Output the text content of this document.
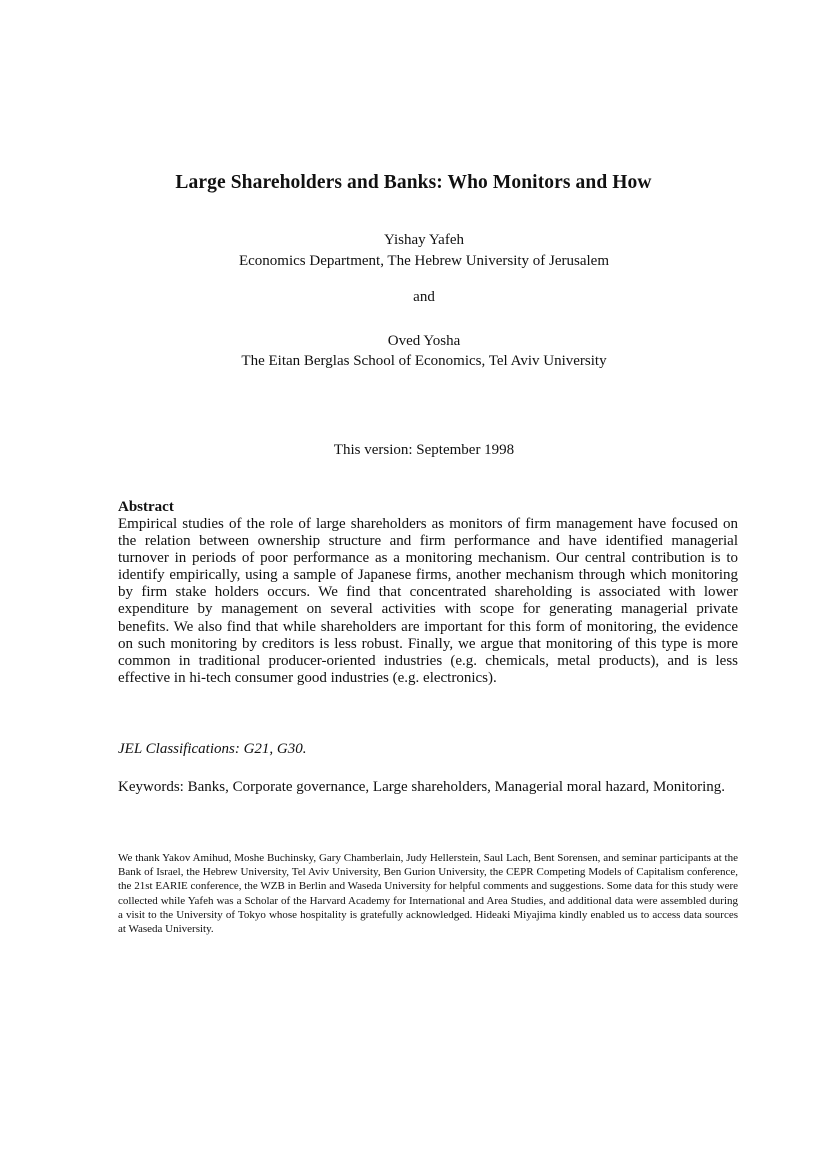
Large Shareholders and Banks: Who Monitors and How
Yishay Yafeh
Economics Department, The Hebrew University of Jerusalem
and
Oved Yosha
The Eitan Berglas School of Economics, Tel Aviv University
This version: September 1998
Abstract

Empirical studies of the role of large shareholders as monitors of firm management have focused on the relation between ownership structure and firm performance and have identified managerial turnover in periods of poor performance as a monitoring mechanism. Our central contribution is to identify empirically, using a sample of Japanese firms, another mechanism through which monitoring by firm stake holders occurs. We find that concentrated shareholding is associated with lower expenditure by management on several activities with scope for generating managerial private benefits. We also find that while shareholders are important for this form of monitoring, the evidence on such monitoring by creditors is less robust. Finally, we argue that monitoring of this type is more common in traditional producer-oriented industries (e.g. chemicals, metal products), and is less effective in hi-tech consumer good industries (e.g. electronics).

JEL Classifications: G21, G30.
Keywords: Banks, Corporate governance, Large shareholders, Managerial moral hazard, Monitoring.

We thank Yakov Amihud, Moshe Buchinsky, Gary Chamberlain, Judy Hellerstein, Saul Lach, Bent Sorensen, and seminar participants at the Bank of Israel, the Hebrew University, Tel Aviv University, Ben Gurion University, the CEPR Competing Models of Capitalism conference, the 21st EARIE conference, the WZB in Berlin and Waseda University for helpful comments and suggestions. Some data for this study were collected while Yafeh was a Scholar of the Harvard Academy for International and Area Studies, and additional data were assembled during a visit to the University of Tokyo whose hospitality is gratefully acknowledged. Hideaki Miyajima kindly enabled us to access data sources at Waseda University.
